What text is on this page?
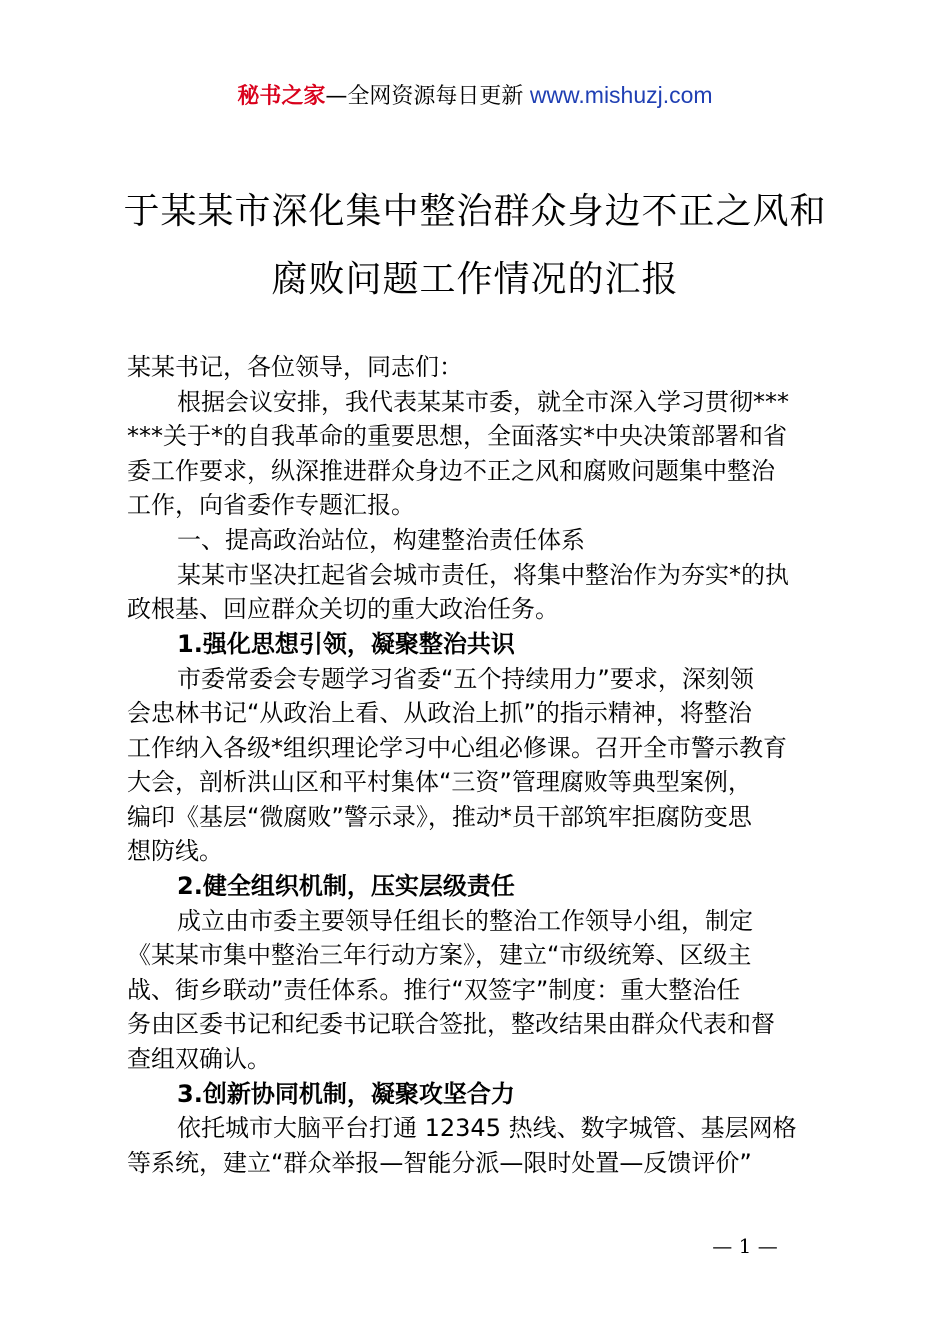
秘书之家—全网资源每日更新 www.mishuzj.com
于某某市深化集中整治群众身边不正之风和
腐败问题工作情况的汇报
某某书记，各位领导，同志们：
根据会议安排，我代表某某市委，就全市深入学习贯彻***
***关于*的自我革命的重要思想，全面落实*中央决策部署和省
委工作要求，纵深推进群众身边不正之风和腐败问题集中整治
工作，向省委作专题汇报。
一、提高政治站位，构建整治责任体系
某某市坚决扛起省会城市责任，将集中整治作为夯实*的执
政根基、回应群众关切的重大政治任务。
1.强化思想引领，凝聚整治共识
市委常委会专题学习省委“五个持续用力”要求，深刻领
会忠林书记“从政治上看、从政治上抓”的指示精神，将整治
工作纳入各级*组织理论学习中心组必修课。召开全市警示教育
大会，剖析洪山区和平村集体“三资”管理腐败等典型案例，
编印《基层“微腐败”警示录》，推动*员干部筑牢拒腐防变思
想防线。
2.健全组织机制，压实层级责任
成立由市委主要领导任组长的整治工作领导小组，制定
《某某市集中整治三年行动方案》，建立“市级统筹、区级主
战、街乡联动”责任体系。推行“双签字”制度：重大整治任
务由区委书记和纪委书记联合签批，整改结果由群众代表和督
查组双确认。
3.创新协同机制，凝聚攻坚合力
依托城市大脑平台打通 12345 热线、数字城管、基层网格
等系统，建立“群众举报—智能分派—限时处置—反馈评价”
— 1 —
